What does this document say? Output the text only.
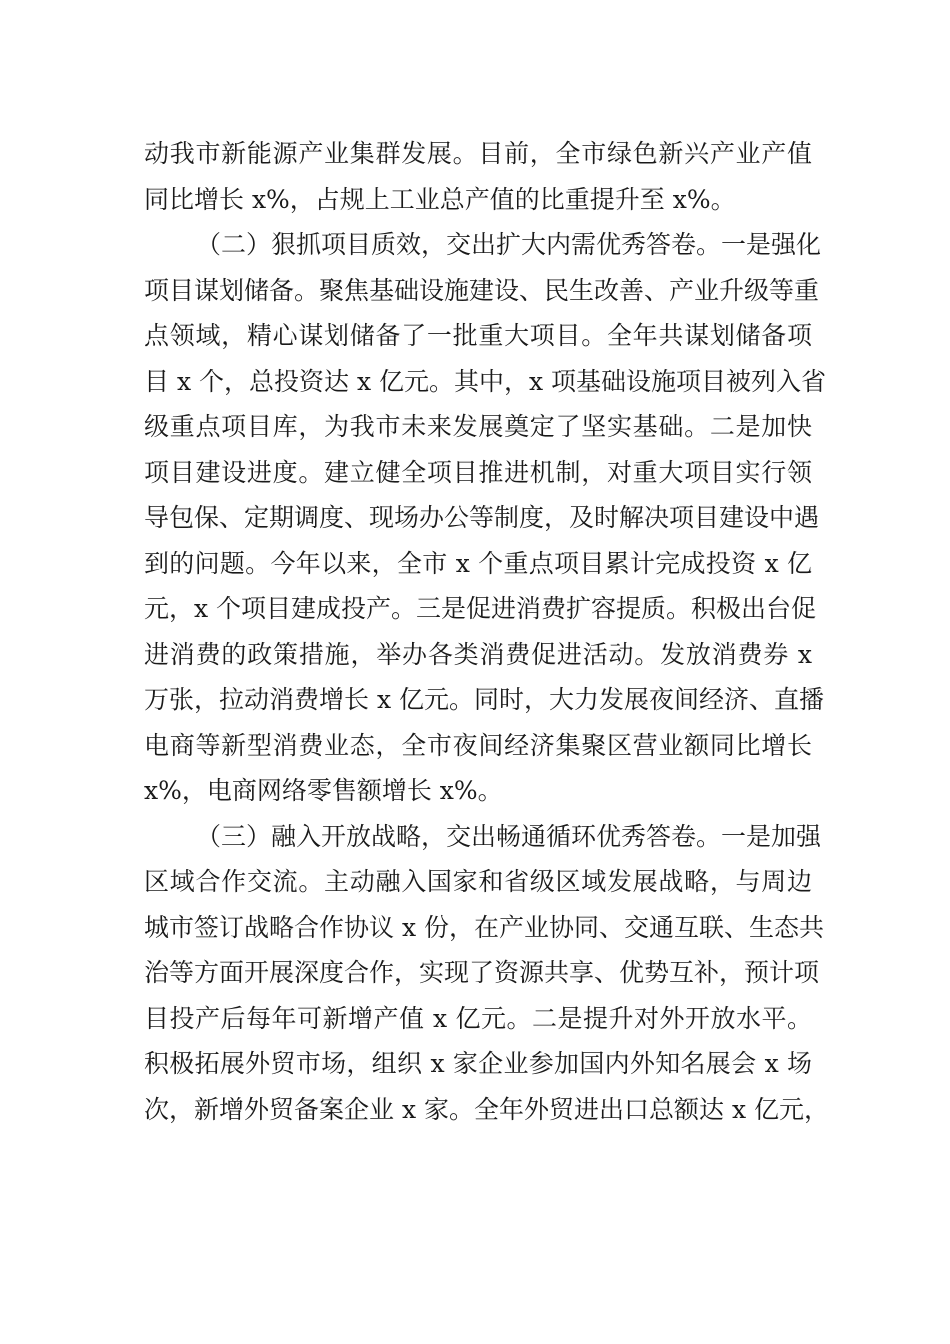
动我市新能源产业集群发展。目前，全市绿色新兴产业产值
同比增长 x%，占规上工业总产值的比重提升至 x%。
（二）狠抓项目质效，交出扩大内需优秀答卷。一是强化
项目谋划储备。聚焦基础设施建设、民生改善、产业升级等重
点领域，精心谋划储备了一批重大项目。全年共谋划储备项
目 x 个，总投资达 x 亿元。其中，x 项基础设施项目被列入省
级重点项目库，为我市未来发展奠定了坚实基础。二是加快
项目建设进度。建立健全项目推进机制，对重大项目实行领
导包保、定期调度、现场办公等制度，及时解决项目建设中遇
到的问题。今年以来，全市 x 个重点项目累计完成投资 x 亿
元，x 个项目建成投产。三是促进消费扩容提质。积极出台促
进消费的政策措施，举办各类消费促进活动。发放消费券 x
万张，拉动消费增长 x 亿元。同时，大力发展夜间经济、直播
电商等新型消费业态，全市夜间经济集聚区营业额同比增长
x%，电商网络零售额增长 x%。
（三）融入开放战略，交出畅通循环优秀答卷。一是加强
区域合作交流。主动融入国家和省级区域发展战略，与周边
城市签订战略合作协议 x 份，在产业协同、交通互联、生态共
治等方面开展深度合作，实现了资源共享、优势互补，预计项
目投产后每年可新增产值 x 亿元。二是提升对外开放水平。
积极拓展外贸市场，组织 x 家企业参加国内外知名展会 x 场
次，新增外贸备案企业 x 家。全年外贸进出口总额达 x 亿元，
